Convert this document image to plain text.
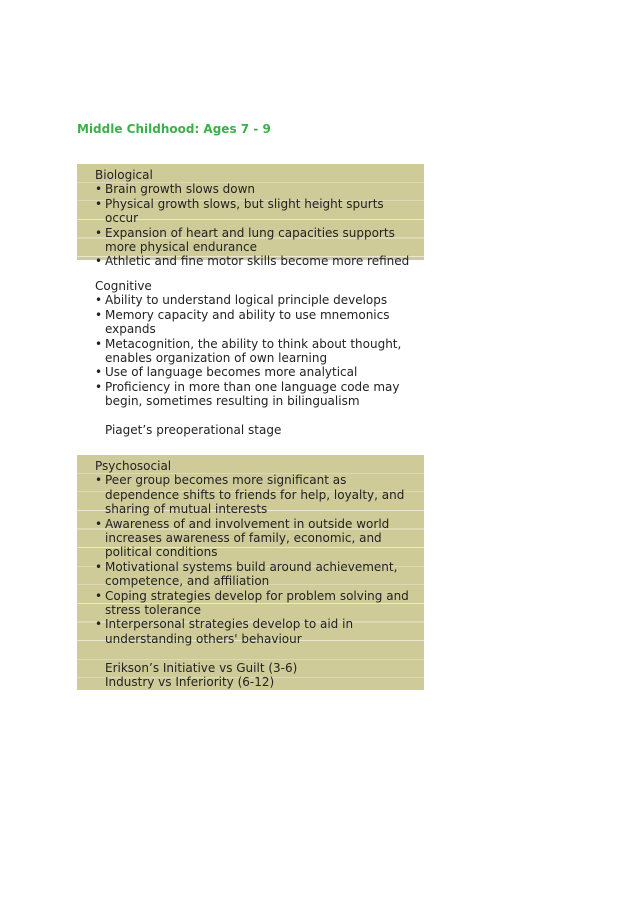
Middle Childhood: Ages 7 - 9
Biological
• Brain growth slows down
• Physical growth slows, but slight height spurts occur
• Expansion of heart and lung capacities supports more physical endurance
• Athletic and fine motor skills become more refined
Cognitive
• Ability to understand logical principle develops
• Memory capacity and ability to use mnemonics expands
• Metacognition, the ability to think about thought, enables organization of own learning
• Use of language becomes more analytical
• Proficiency in more than one language code may begin, sometimes resulting in bilingualism
Piaget’s preoperational stage
Psychosocial
• Peer group becomes more significant as dependence shifts to friends for help, loyalty, and sharing of mutual interests
• Awareness of and involvement in outside world increases awareness of family, economic, and political conditions
• Motivational systems build around achievement, competence, and affiliation
• Coping strategies develop for problem solving and stress tolerance
• Interpersonal strategies develop to aid in understanding others' behaviour
Erikson’s Initiative vs Guilt (3-6)
Industry vs Inferiority (6-12)
